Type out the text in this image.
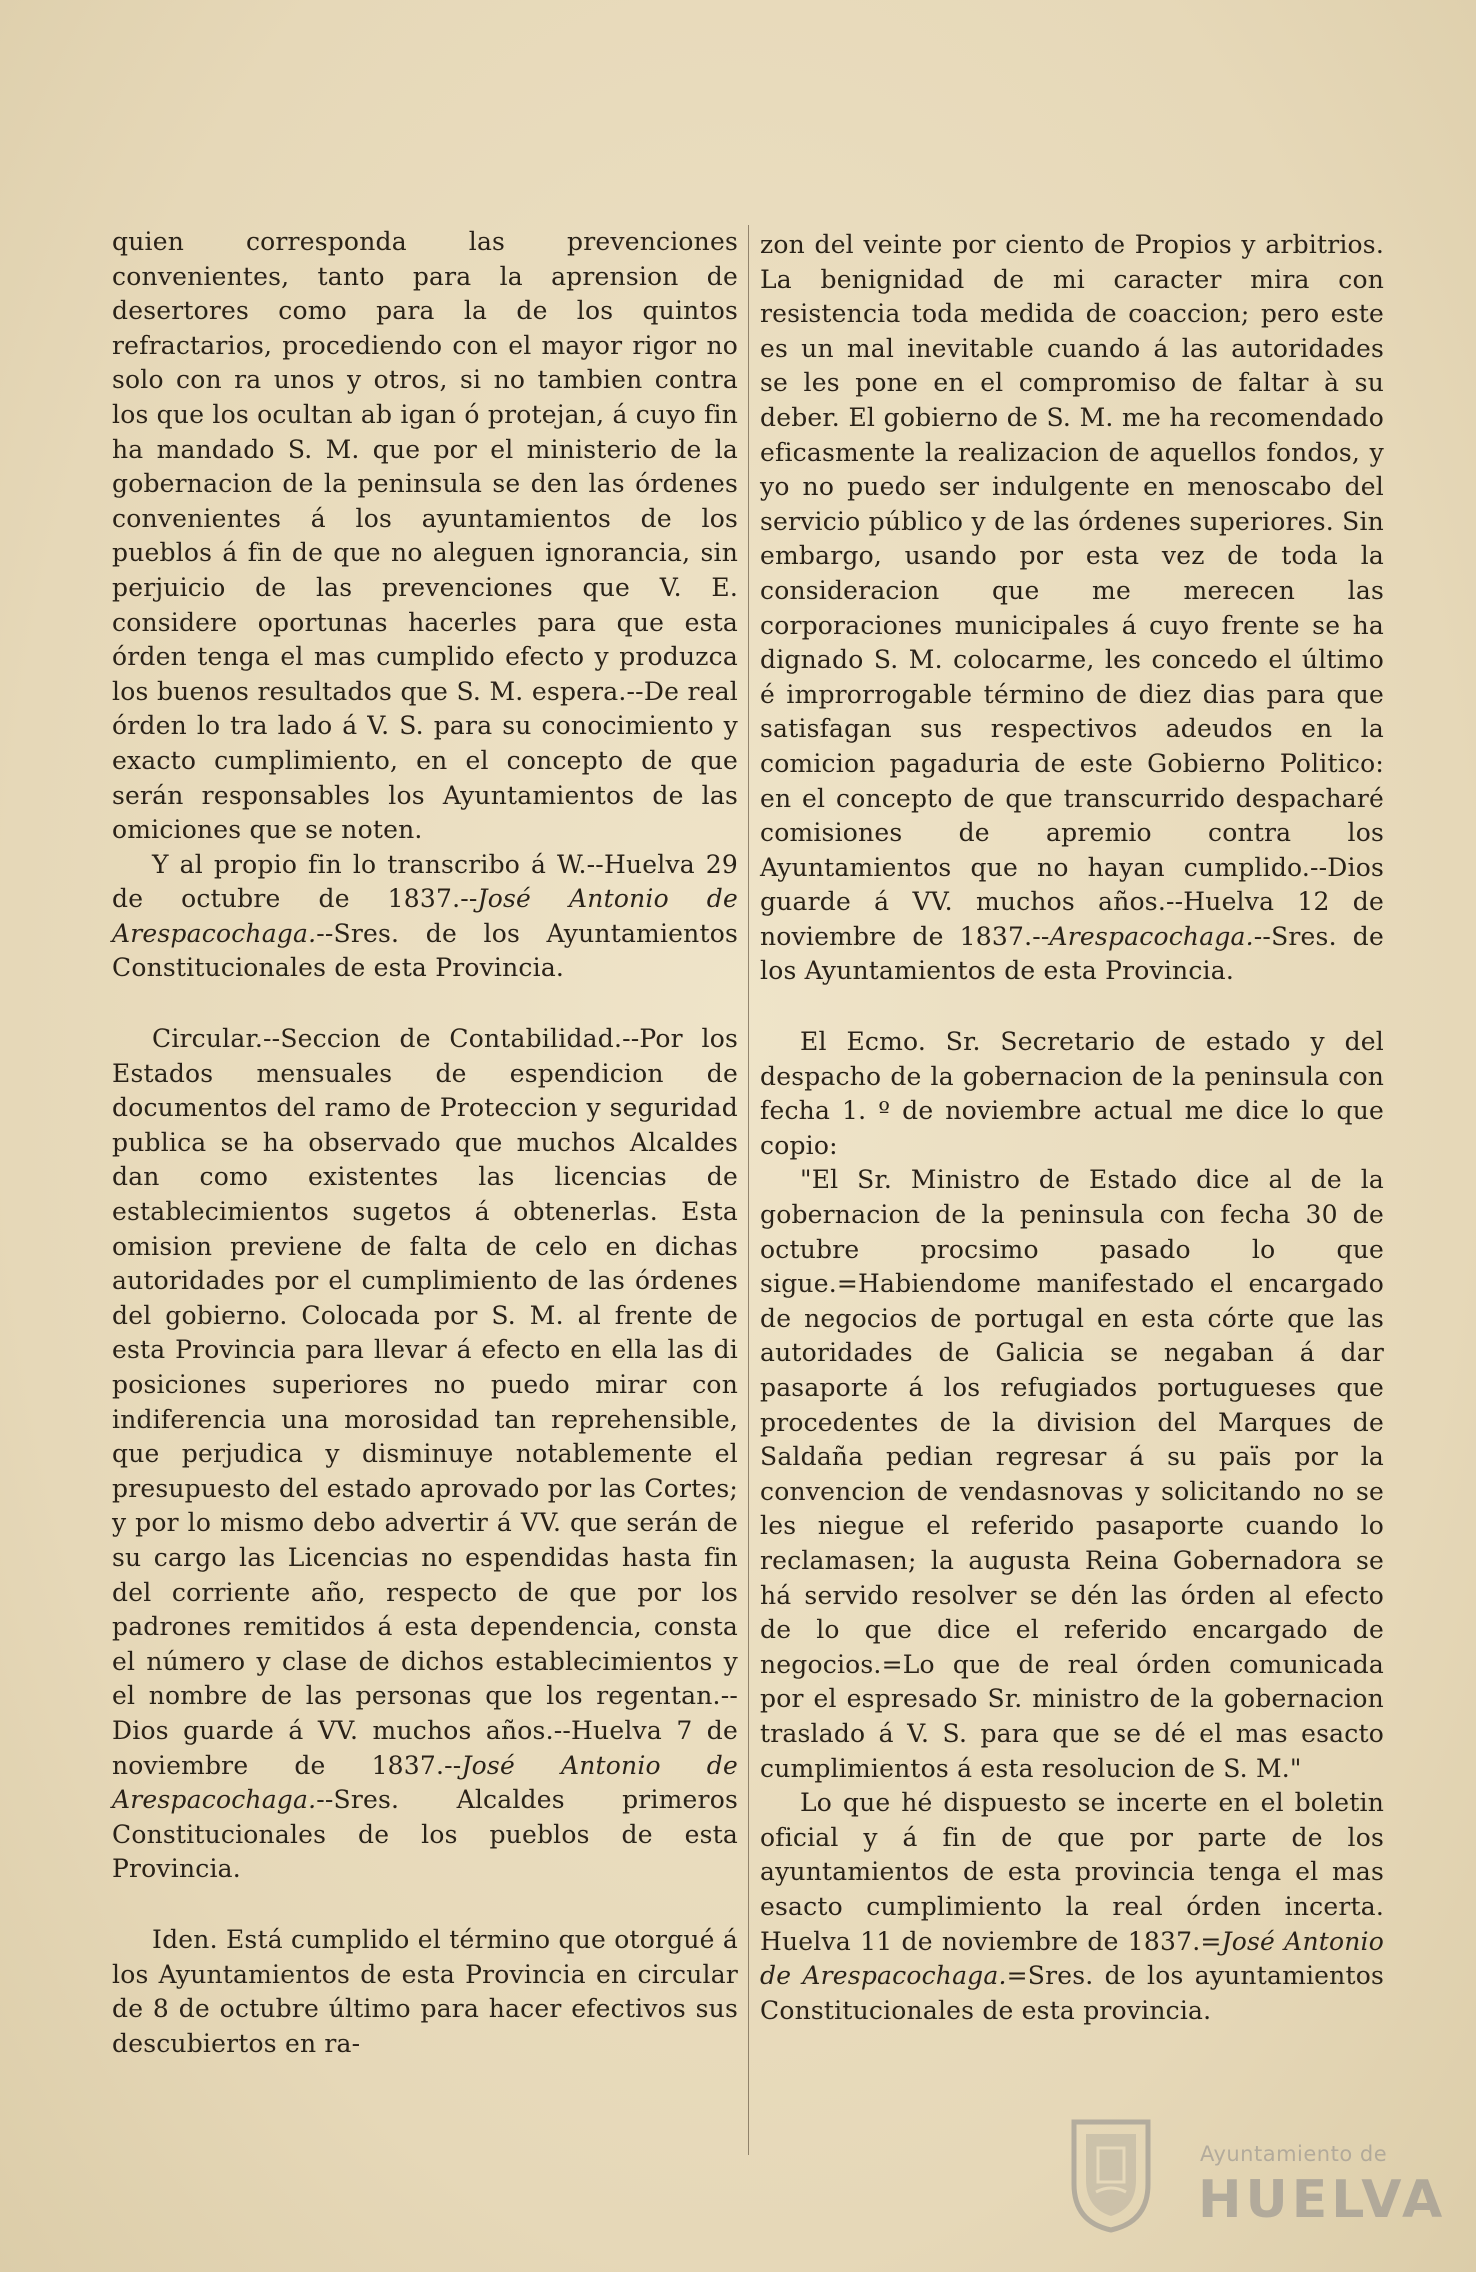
quien corresponda las prevenciones convenientes, tanto para la aprension de desertores como para la de los quintos refractarios, procediendo con el mayor rigor no solo con ra unos y otros, si no tambien contra los que los ocultan ab igan ó protejan, á cuyo fin ha mandado S. M. que por el ministerio de la gobernacion de la peninsula se den las órdenes convenientes á los ayuntamientos de los pueblos á fin de que no aleguen ignorancia, sin perjuicio de las prevenciones que V. E. considere oportunas hacerles para que esta órden tenga el mas cumplido efecto y produzca los buenos resultados que S. M. espera.--De real órden lo tra lado á V. S. para su conocimiento y exacto cumplimiento, en el concepto de que serán responsables los Ayuntamientos de las omiciones que se noten.

Y al propio fin lo transcribo á W.--Huelva 29 de octubre de 1837.--José Antonio de Arespacochaga.--Sres. de los Ayuntamientos Constitucionales de esta Provincia.

Circular.--Seccion de Contabilidad.--Por los Estados mensuales de espendicion de documentos del ramo de Proteccion y seguridad publica se ha observado que muchos Alcaldes dan como existentes las licencias de establecimientos sugetos á obtenerlas. Esta omision previene de falta de celo en dichas autoridades por el cumplimiento de las órdenes del gobierno. Colocada por S. M. al frente de esta Provincia para llevar á efecto en ella las di posiciones superiores no puedo mirar con indiferencia una morosidad tan reprehensible, que perjudica y disminuye notablemente el presupuesto del estado aprovado por las Cortes; y por lo mismo debo advertir á VV. que serán de su cargo las Licencias no espendidas hasta fin del corriente año, respecto de que por los padrones remitidos á esta dependencia, consta el número y clase de dichos establecimientos y el nombre de las personas que los regentan.--Dios guarde á VV. muchos años.--Huelva 7 de noviembre de 1837.--José Antonio de Arespacochaga.--Sres. Alcaldes primeros Constitucionales de los pueblos de esta Provincia.

Iden. Está cumplido el término que otorgué á los Ayuntamientos de esta Provincia en circular de 8 de octubre último para hacer efectivos sus descubiertos en ra-

zon del veinte por ciento de Propios y arbitrios. La benignidad de mi caracter mira con resistencia toda medida de coaccion; pero este es un mal inevitable cuando á las autoridades se les pone en el compromiso de faltar à su deber. El gobierno de S. M. me ha recomendado eficasmente la realizacion de aquellos fondos, y yo no puedo ser indulgente en menoscabo del servicio público y de las órdenes superiores. Sin embargo, usando por esta vez de toda la consideracion que me merecen las corporaciones municipales á cuyo frente se ha dignado S. M. colocarme, les concedo el último é improrrogable término de diez dias para que satisfagan sus respectivos adeudos en la comicion pagaduria de este Gobierno Politico: en el concepto de que transcurrido despacharé comisiones de apremio contra los Ayuntamientos que no hayan cumplido.--Dios guarde á VV. muchos años.--Huelva 12 de noviembre de 1837.--Arespacochaga.--Sres. de los Ayuntamientos de esta Provincia.

El Ecmo. Sr. Secretario de estado y del despacho de la gobernacion de la peninsula con fecha 1. º de noviembre actual me dice lo que copio:

"El Sr. Ministro de Estado dice al de la gobernacion de la peninsula con fecha 30 de octubre procsimo pasado lo que sigue.=Habiendome manifestado el encargado de negocios de portugal en esta córte que las autoridades de Galicia se negaban á dar pasaporte á los refugiados portugueses que procedentes de la division del Marques de Saldaña pedian regresar á su païs por la convencion de vendasnovas y solicitando no se les niegue el referido pasaporte cuando lo reclamasen; la augusta Reina Gobernadora se há servido resolver se dén las órden al efecto de lo que dice el referido encargado de negocios.=Lo que de real órden comunicada por el espresado Sr. ministro de la gobernacion traslado á V. S. para que se dé el mas esacto cumplimientos á esta resolucion de S. M."

Lo que hé dispuesto se incerte en el boletin oficial y á fin de que por parte de los ayuntamientos de esta provincia tenga el mas esacto cumplimiento la real órden incerta. Huelva 11 de noviembre de 1837.=José Antonio de Arespacochaga.=Sres. de los ayuntamientos Constitucionales de esta provincia.

Ayuntamiento de
HUELVA
